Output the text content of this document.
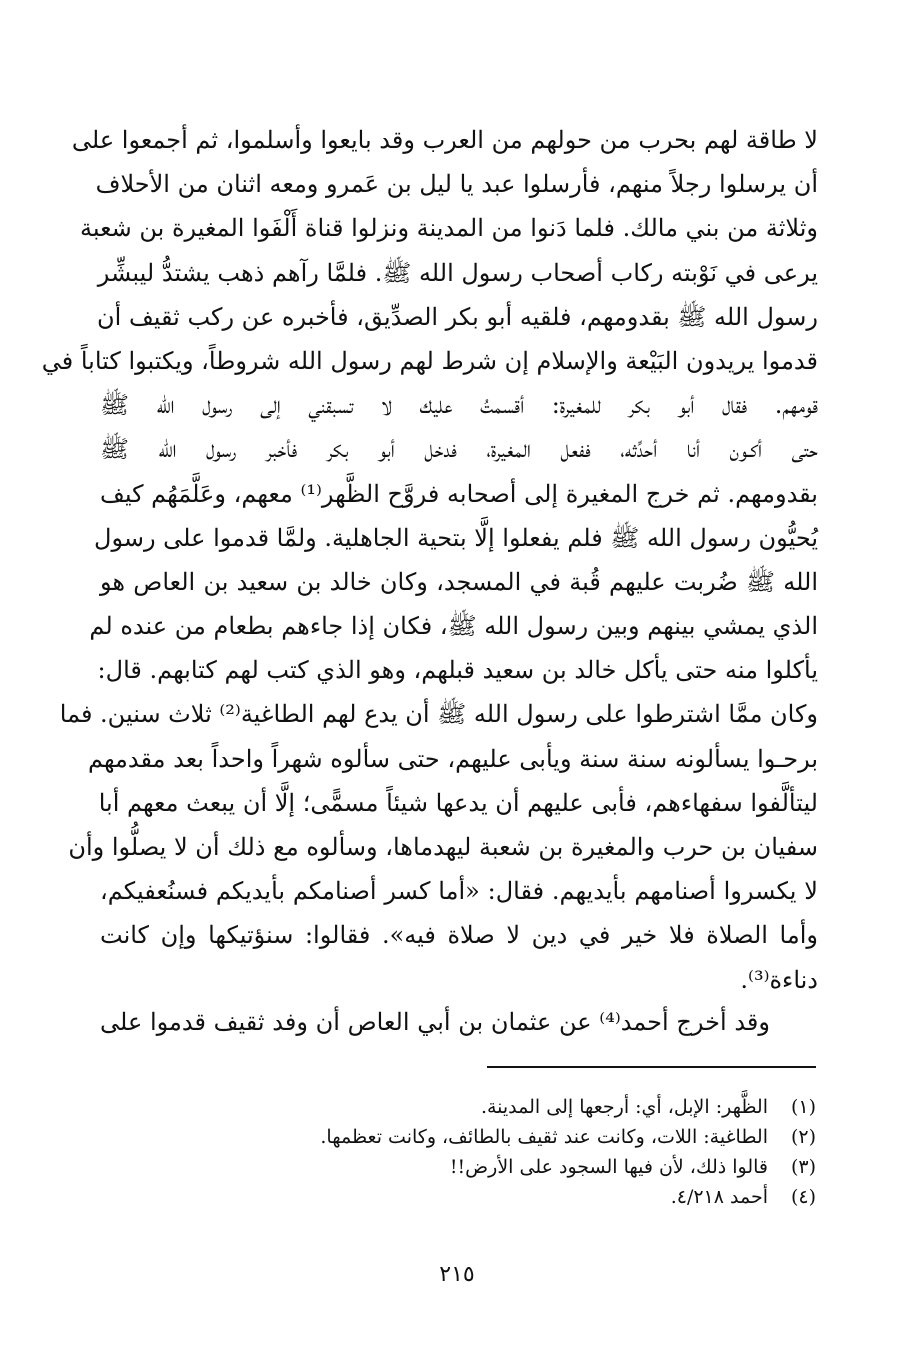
لا طاقة لهم بحرب من حولهم من العرب وقد بايعوا وأسلموا، ثم أجمعوا على
أن يرسلوا رجلاً منهم، فأرسلوا عبد يا ليل بن عَمرو ومعه اثنان من الأحلاف
وثلاثة من بني مالك. فلما دَنوا من المدينة ونزلوا قناة أَلْفَوا المغيرة بن شعبة
يرعى في نَوْبته ركاب أصحاب رسول الله ﷺ. فلمَّا رآهم ذهب يشتدُّ ليبشِّر
رسول الله ﷺ بقدومهم، فلقيه أبو بكر الصدِّيق، فأخبره عن ركب ثقيف أن
قدموا يريدون البَيْعة والإسلام إن شرط لهم رسول الله شروطاً، ويكتبوا كتاباً في
قومهم. فقال أبو بكر للمغيرة: أقسمتُ عليك لا تسبقني إلى رسول الله ﷺ
حتى أكـون أنا أحدِّثه، ففعل المغيرة، فدخل أبو بكر فأخبر رسول الله ﷺ
بقدومهم. ثم خرج المغيرة إلى أصحابه فروَّح الظَّهر⁽¹⁾ معهم، وعَلَّمَهُم كيف
يُحيُّون رسول الله ﷺ فلم يفعلوا إلَّا بتحية الجاهلية. ولمَّا قدموا على رسول
الله ﷺ ضُربت عليهم قُبة في المسجد، وكان خالد بن سعيد بن العاص هو
الذي يمشي بينهم وبين رسول الله ﷺ، فكان إذا جاءهم بطعام من عنده لم
يأكلوا منه حتى يأكل خالد بن سعيد قبلهم، وهو الذي كتب لهم كتابهم. قال:
وكان ممَّا اشترطوا على رسول الله ﷺ أن يدع لهم الطاغية⁽²⁾ ثلاث سنين. فما
برحـوا يسألونه سنة سنة ويأبى عليهم، حتى سألوه شهراً واحداً بعد مقدمهم
ليتألَّفوا سفهاءهم، فأبى عليهم أن يدعها شيئاً مسمًّى؛ إلَّا أن يبعث معهم أبا
سفيان بن حرب والمغيرة بن شعبة ليهدماها، وسألوه مع ذلك أن لا يصلُّوا وأن
لا يكسروا أصنامهم بأيديهم. فقال: «أما كسر أصنامكم بأيديكم فسنُعفيكم،
وأما الصلاة فلا خير في دين لا صلاة فيه». فقالوا: سنؤتيكها وإن كانت
دناءة⁽³⁾.
وقد أخرج أحمد⁽⁴⁾ عن عثمان بن أبي العاص أن وفد ثقيف قدموا على
(١)الظَّهر: الإبل، أي: أرجعها إلى المدينة.
(٢)الطاغية: اللات، وكانت عند ثقيف بالطائف، وكانت تعظمها.
(٣)قالوا ذلك، لأن فيها السجود على الأرض!!
(٤)أحمد ٤/٢١٨.
٢١٥
